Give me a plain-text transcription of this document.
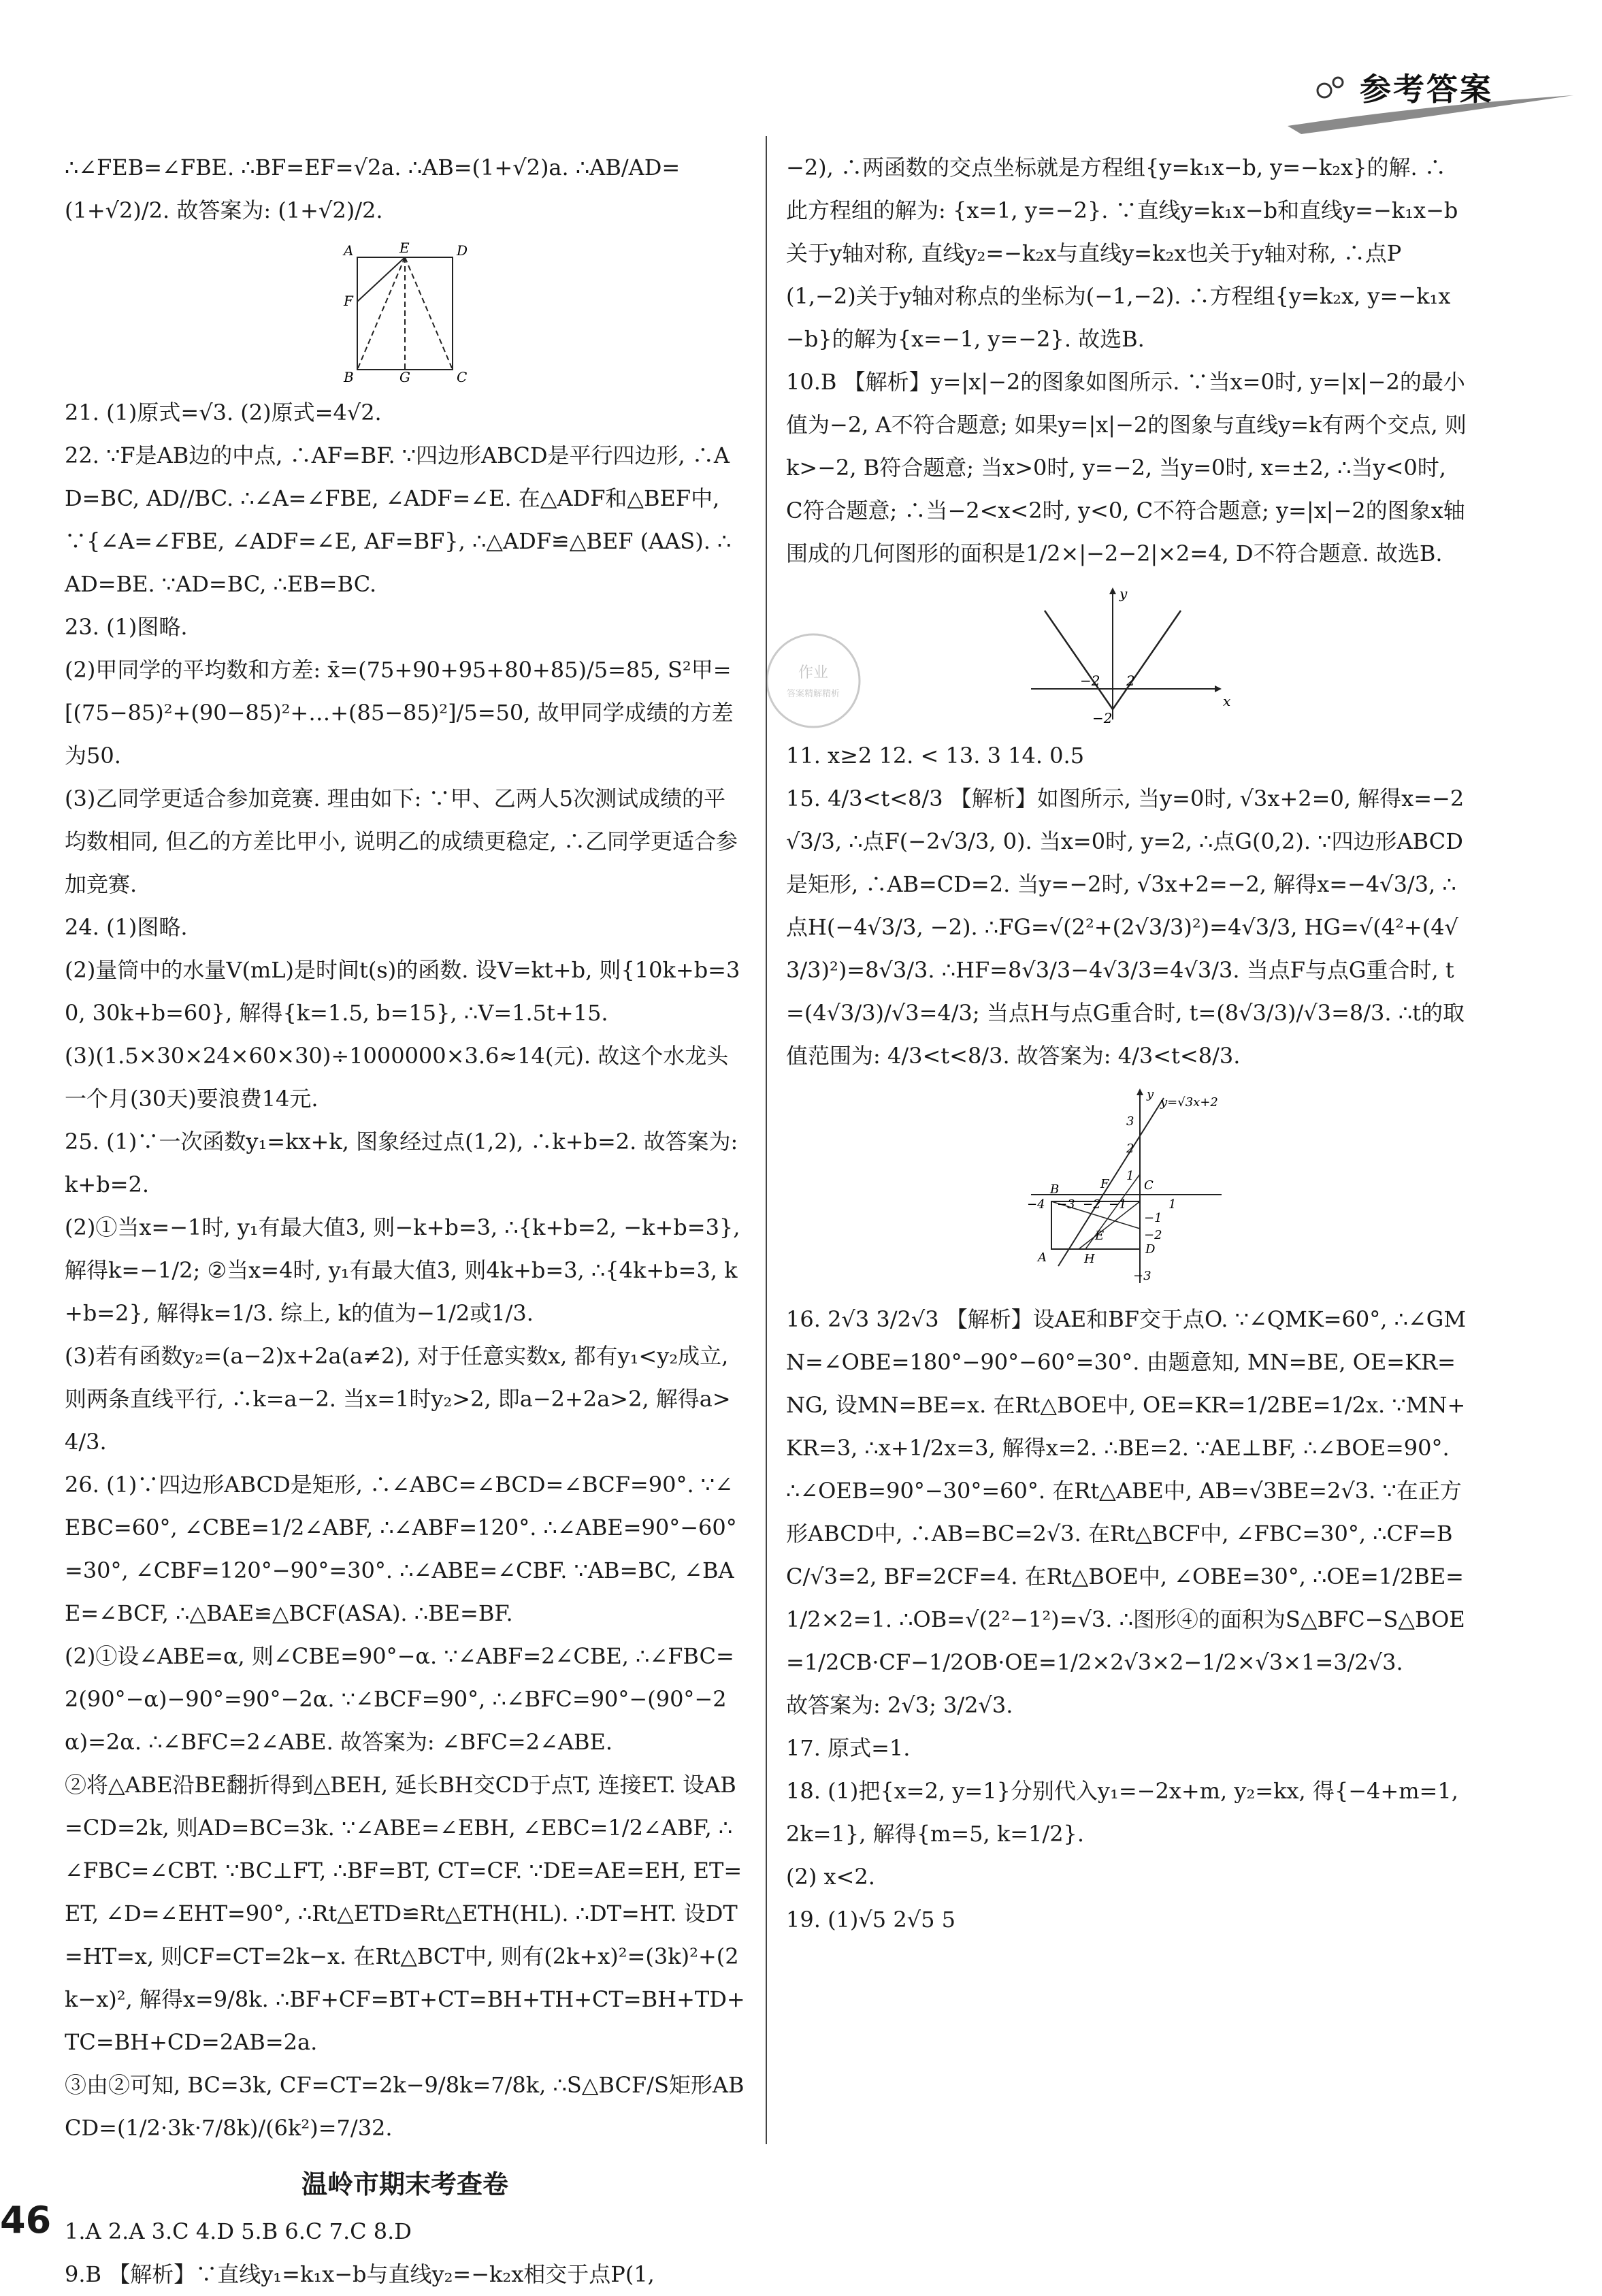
参考答案

∴∠FEB=∠FBE. ∴BF=EF=√2a. ∴AB=(1+√2)a. ∴AB/AD=

(1+√2)/2. 故答案为: (1+√2)/2.

A	E	D
F
B	G	C

21. (1)原式=√3. (2)原式=4√2.

22. ∵F是AB边的中点, ∴AF=BF. ∵四边形ABCD是平行四边形, ∴AD=BC, AD//BC. ∴∠A=∠FBE, ∠ADF=∠E. 在△ADF和△BEF中, ∵{∠A=∠FBE, ∠ADF=∠E, AF=BF}, ∴△ADF≌△BEF (AAS). ∴AD=BE. ∵AD=BC, ∴EB=BC.

23. (1)图略.

(2)甲同学的平均数和方差: x̄=(75+90+95+80+85)/5=85, S²甲=[(75−85)²+(90−85)²+…+(85−85)²]/5=50, 故甲同学成绩的方差为50.

(3)乙同学更适合参加竞赛. 理由如下: ∵甲、乙两人5次测试成绩的平均数相同, 但乙的方差比甲小, 说明乙的成绩更稳定, ∴乙同学更适合参加竞赛.

24. (1)图略.

(2)量筒中的水量V(mL)是时间t(s)的函数. 设V=kt+b, 则{10k+b=30, 30k+b=60}, 解得{k=1.5, b=15}, ∴V=1.5t+15.

(3)(1.5×30×24×60×30)÷1000000×3.6≈14(元). 故这个水龙头一个月(30天)要浪费14元.

25. (1)∵一次函数y₁=kx+k, 图象经过点(1,2), ∴k+b=2. 故答案为: k+b=2.

(2)①当x=−1时, y₁有最大值3, 则−k+b=3, ∴{k+b=2, −k+b=3}, 解得k=−1/2; ②当x=4时, y₁有最大值3, 则4k+b=3, ∴{4k+b=3, k+b=2}, 解得k=1/3. 综上, k的值为−1/2或1/3.

(3)若有函数y₂=(a−2)x+2a(a≠2), 对于任意实数x, 都有y₁<y₂成立, 则两条直线平行, ∴k=a−2. 当x=1时y₂>2, 即a−2+2a>2, 解得a>4/3.

26. (1)∵四边形ABCD是矩形, ∴∠ABC=∠BCD=∠BCF=90°. ∵∠EBC=60°, ∠CBE=1/2∠ABF, ∴∠ABF=120°. ∴∠ABE=90°−60°=30°, ∠CBF=120°−90°=30°. ∴∠ABE=∠CBF. ∵AB=BC, ∠BAE=∠BCF, ∴△BAE≌△BCF(ASA). ∴BE=BF.

(2)①设∠ABE=α, 则∠CBE=90°−α. ∵∠ABF=2∠CBE, ∴∠FBC=2(90°−α)−90°=90°−2α. ∵∠BCF=90°, ∴∠BFC=90°−(90°−2α)=2α. ∴∠BFC=2∠ABE. 故答案为: ∠BFC=2∠ABE.

②将△ABE沿BE翻折得到△BEH, 延长BH交CD于点T, 连接ET. 设AB=CD=2k, 则AD=BC=3k. ∵∠ABE=∠EBH, ∠EBC=1/2∠ABF, ∴∠FBC=∠CBT. ∵BC⊥FT, ∴BF=BT, CT=CF. ∵DE=AE=EH, ET=ET, ∠D=∠EHT=90°, ∴Rt△ETD≌Rt△ETH(HL). ∴DT=HT. 设DT=HT=x, 则CF=CT=2k−x. 在Rt△BCT中, 则有(2k+x)²=(3k)²+(2k−x)², 解得x=9/8k. ∴BF+CF=BT+CT=BH+TH+CT=BH+TD+TC=BH+CD=2AB=2a.

③由②可知, BC=3k, CF=CT=2k−9/8k=7/8k, ∴S△BCF/S矩形ABCD=(1/2·3k·7/8k)/(6k²)=7/32.

温岭市期末考查卷

1.A 2.A 3.C 4.D 5.B 6.C 7.C 8.D

9.B 【解析】∵直线y₁=k₁x−b与直线y₂=−k₂x相交于点P(1,

−2), ∴两函数的交点坐标就是方程组{y=k₁x−b, y=−k₂x}的解. ∴此方程组的解为: {x=1, y=−2}. ∵直线y=k₁x−b和直线y=−k₁x−b关于y轴对称, 直线y₂=−k₂x与直线y=k₂x也关于y轴对称, ∴点P(1,−2)关于y轴对称点的坐标为(−1,−2). ∴方程组{y=k₂x, y=−k₁x−b}的解为{x=−1, y=−2}. 故选B.

10.B 【解析】y=|x|−2的图象如图所示. ∵当x=0时, y=|x|−2的最小值为−2, A不符合题意; 如果y=|x|−2的图象与直线y=k有两个交点, 则k>−2, B符合题意; 当x>0时, y=−2, 当y=0时, x=±2, ∴当y<0时, C符合题意; ∴当−2<x<2时, y<0, C不符合题意; y=|x|−2的图象x轴围成的几何图形的面积是1/2×|−2−2|×2=4, D不符合题意. 故选B.

x
y
−2 2
−2

11. x≥2 12. < 13. 3 14. 0.5

15. 4/3<t<8/3 【解析】如图所示, 当y=0时, √3x+2=0, 解得x=−2√3/3, ∴点F(−2√3/3, 0). 当x=0时, y=2, ∴点G(0,2). ∵四边形ABCD是矩形, ∴AB=CD=2. 当y=−2时, √3x+2=−2, 解得x=−4√3/3, ∴点H(−4√3/3, −2). ∴FG=√(2²+(2√3/3)²)=4√3/3, HG=√(4²+(4√3/3)²)=8√3/3. ∴HF=8√3/3−4√3/3=4√3/3. 当点F与点G重合时, t=(4√3/3)/√3=4/3; 当点H与点G重合时, t=(8√3/3)/√3=8/3. ∴t的取值范围为: 4/3<t<8/3. 故答案为: 4/3<t<8/3.

y=√3x+2
y
3
2
1
−1
−2
−3
−4 −3 −2 −1	1
B	F	C
E
A	H
D

16. 2√3 3/2√3 【解析】设AE和BF交于点O. ∵∠QMK=60°, ∴∠GMN=∠OBE=180°−90°−60°=30°. 由题意知, MN=BE, OE=KR=NG, 设MN=BE=x. 在Rt△BOE中, OE=KR=1/2BE=1/2x. ∵MN+KR=3, ∴x+1/2x=3, 解得x=2. ∴BE=2. ∵AE⊥BF, ∴∠BOE=90°. ∴∠OEB=90°−30°=60°. 在Rt△ABE中, AB=√3BE=2√3. ∵在正方形ABCD中, ∴AB=BC=2√3. 在Rt△BCF中, ∠FBC=30°, ∴CF=BC/√3=2, BF=2CF=4. 在Rt△BOE中, ∠OBE=30°, ∴OE=1/2BE=1/2×2=1. ∴OB=√(2²−1²)=√3. ∴图形④的面积为S△BFC−S△BOE=1/2CB·CF−1/2OB·OE=1/2×2√3×2−1/2×√3×1=3/2√3.

故答案为: 2√3; 3/2√3.

17. 原式=1.

18. (1)把{x=2, y=1}分别代入y₁=−2x+m, y₂=kx, 得{−4+m=1, 2k=1}, 解得{m=5, k=1/2}.

(2) x<2.

19. (1)√5 2√5 5

作业
答案精解精析
46
